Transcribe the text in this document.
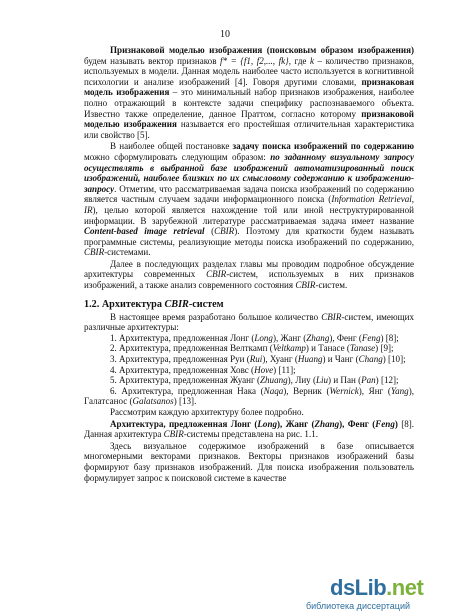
10

Признаковой моделью изображения (поисковым образом изображения) будем называть вектор признаков f* = {f1, f2,..., fk}, где k – количество признаков, используемых в модели. Данная модель наиболее часто используется в когнитивной психологии и анализе изображений [4]. Говоря другими словами, признаковая модель изображения – это минимальный набор признаков изображения, наиболее полно отражающий в контексте задачи специфику распознаваемого объекта. Известно также определение, данное Праттом, согласно которому признаковой моделью изображения называется его простейшая отличительная характеристика или свойство [5].

В наиболее общей постановке задачу поиска изображений по содержанию можно сформулировать следующим образом: по заданному визуальному запросу осуществлять в выбранной базе изображений автоматизированный поиск изображений, наиболее близких по их смысловому содержанию к изображению-запросу. Отметим, что рассматриваемая задача поиска изображений по содержанию является частным случаем задачи информационного поиска (Information Retrieval, IR), целью которой является нахождение той или иной неструктурированной информации. В зарубежной литературе рассматриваемая задача имеет название Content-based image retrieval (CBIR). Поэтому для краткости будем называть программные системы, реализующие методы поиска изображений по содержанию, CBIR-системами.

Далее в последующих разделах главы мы проводим подробное обсуждение архитектуры современных CBIR-систем, используемых в них признаков изображений, а также анализ современного состояния CBIR-систем.

1.2. Архитектура CBIR-систем

В настоящее время разработано большое количество CBIR-систем, имеющих различные архитектуры:

1. Архитектура, предложенная Лонг (Long), Жанг (Zhang), Фенг (Feng) [8];

2. Архитектура, предложенная Велткамп (Veltkamp) и Танасе (Tanase) [9];

3. Архитектура, предложенная Руи (Rui), Хуанг (Huang) и Чанг (Chang) [10];

4. Архитектура, предложенная Ховс (Hove) [11];

5. Архитектура, предложенная Жуанг (Zhuang), Лиу (Liu) и Пан (Pan) [12];

6. Архитектура, предложенная Нака (Naqa), Верник (Wernick), Янг (Yang), Галатсанос (Galatsanos) [13].

Рассмотрим каждую архитектуру более подробно.

Архитектура, предложенная Лонг (Long), Жанг (Zhang), Фенг (Feng) [8]. Данная архитектура CBIR-системы представлена на рис. 1.1.

Здесь визуальное содержимое изображений в базе описывается многомерными векторами признаков. Векторы признаков изображений базы формируют базу признаков изображений. Для поиска изображения пользователь формулирует запрос к поисковой системе в качестве

dsLib.net
библиотека диссертаций
